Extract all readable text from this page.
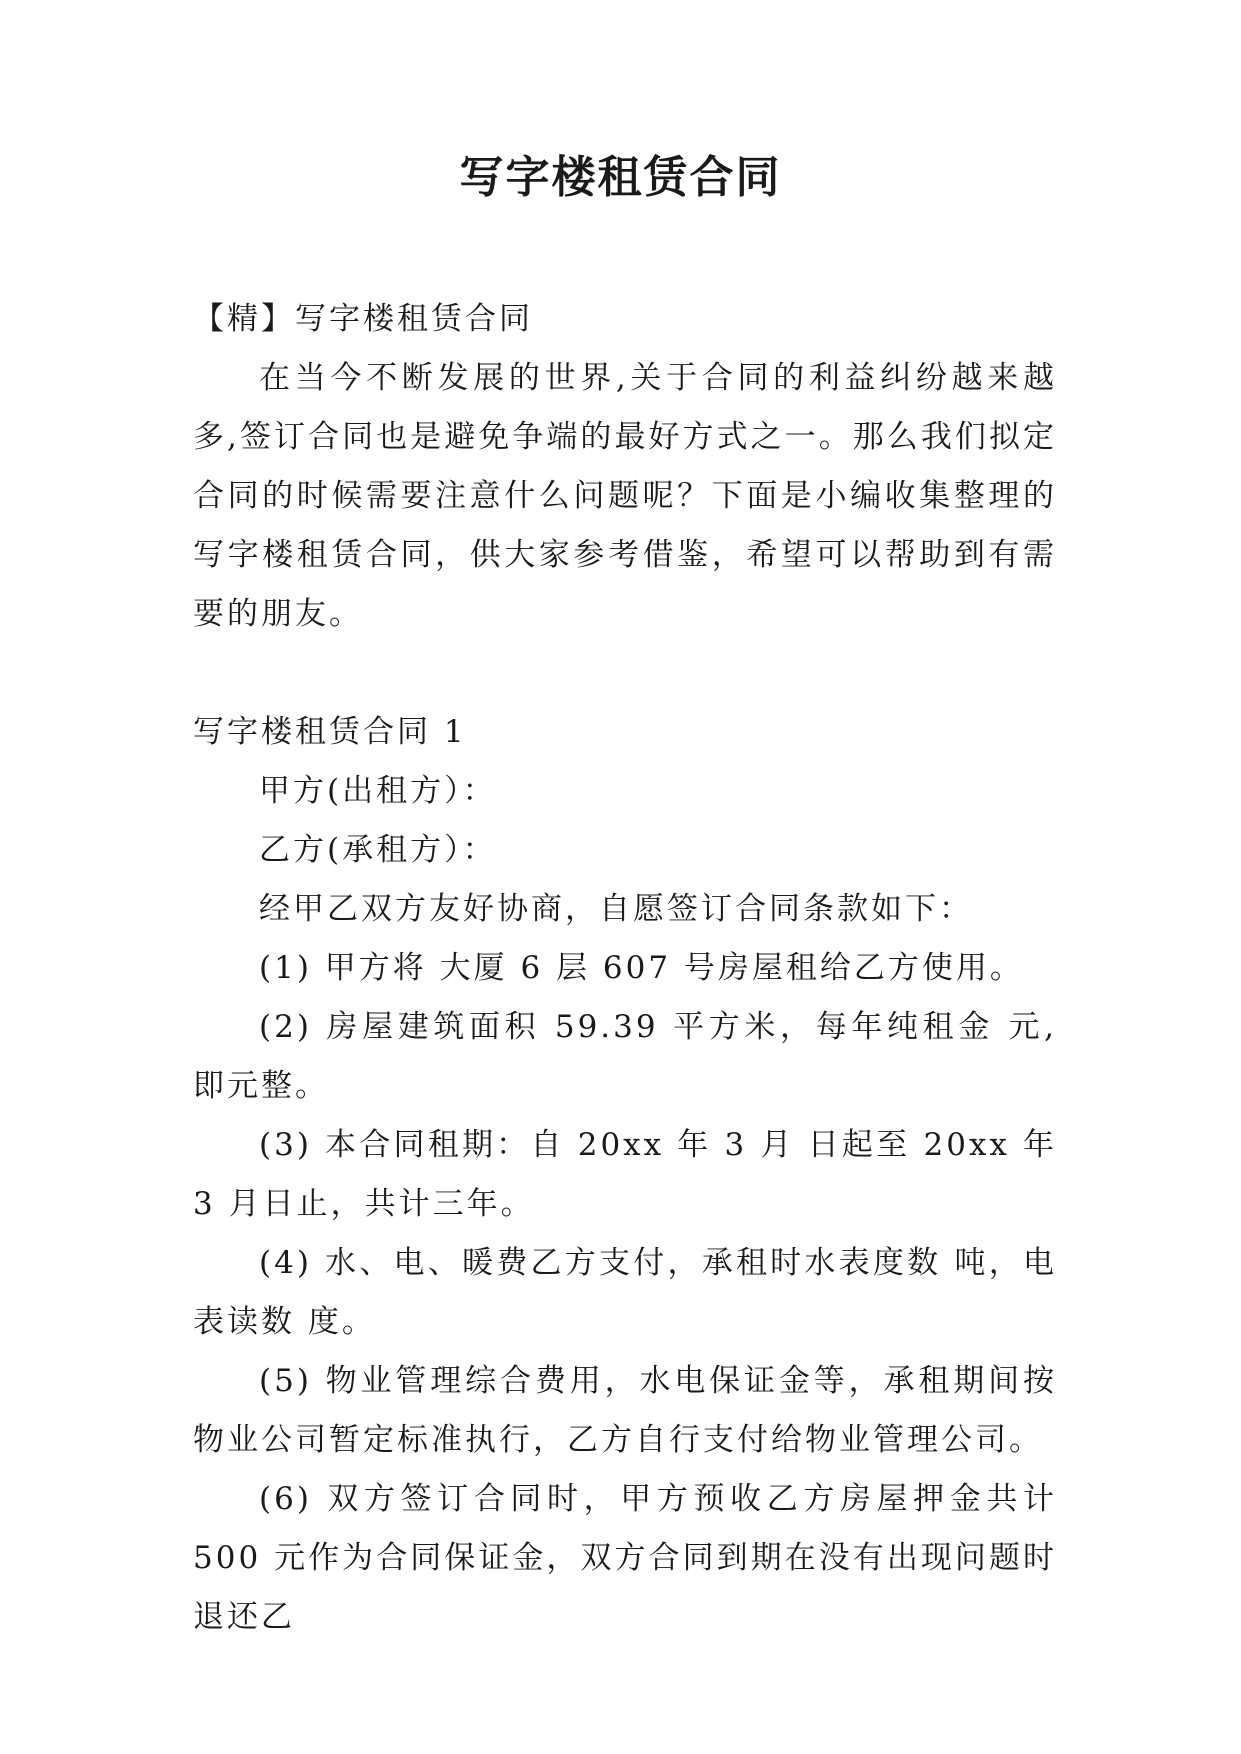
写字楼租赁合同

【精】写字楼租赁合同

在当今不断发展的世界,关于合同的利益纠纷越来越多,签订合同也是避免争端的最好方式之一。那么我们拟定合同的时候需要注意什么问题呢？下面是小编收集整理的写字楼租赁合同，供大家参考借鉴，希望可以帮助到有需要的朋友。

写字楼租赁合同 1

甲方(出租方）：

乙方(承租方）：

经甲乙双方友好协商，自愿签订合同条款如下：

(1) 甲方将 大厦 6 层 607 号房屋租给乙方使用。

(2) 房屋建筑面积 59.39 平方米，每年纯租金 元,即元整。

(3) 本合同租期：自 20xx 年 3 月 日起至 20xx 年 3 月日止，共计三年。

(4) 水、电、暖费乙方支付，承租时水表度数 吨，电表读数 度。

(5) 物业管理综合费用，水电保证金等，承租期间按物业公司暂定标准执行，乙方自行支付给物业管理公司。

(6) 双方签订合同时，甲方预收乙方房屋押金共计 500 元作为合同保证金，双方合同到期在没有出现问题时退还乙
